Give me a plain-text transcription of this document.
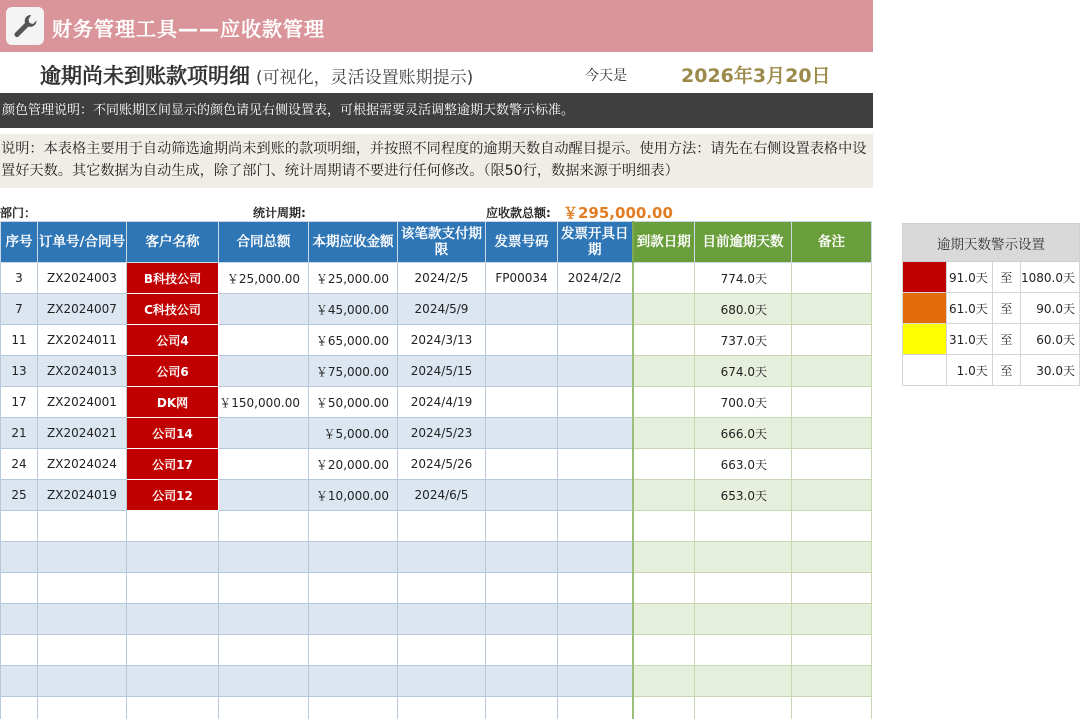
财务管理工具——应收款管理
逾期尚未到账款项明细 (可视化，灵活设置账期提示)	今天是	2026年3月20日
颜色管理说明：不同账期区间显示的颜色请见右侧设置表，可根据需要灵活调整逾期天数警示标准。
说明：本表格主要用于自动筛选逾期尚未到账的款项明细，并按照不同程度的逾期天数自动醒目提示。使用方法：请先在右侧设置表格中设置好天数。其它数据为自动生成，除了部门、统计周期请不要进行任何修改。（限50行，数据来源于明细表）
部门：	统计周期:	应收款总额: ￥295,000.00
序号	订单号/合同号	客户名称	合同总额	本期应收金额	该笔款支付期限	发票号码	发票开具日期	到款日期	目前逾期天数	备注
3	ZX2024003	B科技公司	￥25,000.00	￥25,000.00	2024/2/5	FP00034	2024/2/2		774.0天	
7	ZX2024007	C科技公司		￥45,000.00	2024/5/9				680.0天	
11	ZX2024011	公司4		￥65,000.00	2024/3/13				737.0天	
13	ZX2024013	公司6		￥75,000.00	2024/5/15				674.0天	
17	ZX2024001	DK网	￥150,000.00	￥50,000.00	2024/4/19				700.0天	
21	ZX2024021	公司14		￥5,000.00	2024/5/23				666.0天	
24	ZX2024024	公司17		￥20,000.00	2024/5/26				663.0天	
25	ZX2024019	公司12		￥10,000.00	2024/6/5				653.0天	

逾期天数警示设置			
	91.0天	至	1080.0天
	61.0天	至	90.0天
	31.0天	至	60.0天
	1.0天	至	30.0天
